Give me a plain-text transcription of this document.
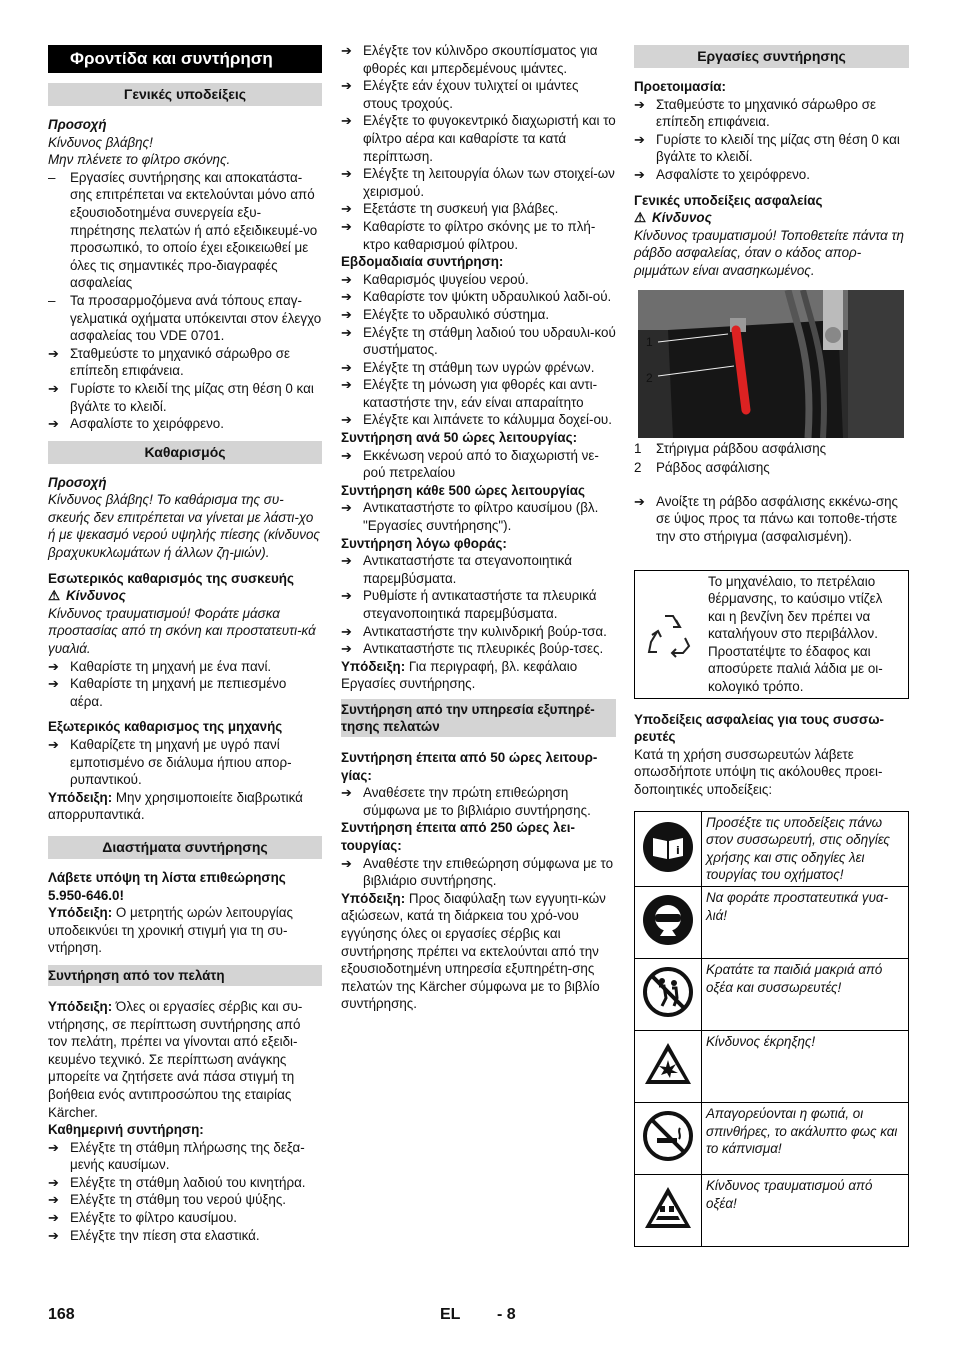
Φροντίδα και συντήρηση
Γενικές υποδείξεις

Προσοχή

Κίνδυνος βλάβης!

Μην πλένετε το φίλτρο σκόνης.

– Εργασίες συντήρησης και αποκατάστα-σης επιτρέπεται να εκτελούνται μόνο από εξουσιοδοτημένα συνεργεία εξυ-πηρέτησης πελατών ή από εξειδικευμέ-νο προσωπικό, το οποίο έχει εξοικειωθεί με όλες τις σημαντικές προ-διαγραφές ασφαλείας

– Τα προσαρμοζόμενα ανά τόπους επαγ-γελματικά οχήματα υπόκεινται στον έλεγχο ασφαλείας του VDE 0701.

➔ Σταθμεύστε το μηχανικό σάρωθρο σε επίπεδη επιφάνεια.

➔ Γυρίστε το κλειδί της μίζας στη θέση 0 και βγάλτε το κλειδί.

➔ Ασφαλίστε το χειρόφρενο.

Καθαρισμός

Προσοχή

Κίνδυνος βλάβης! Το καθάρισμα της συ-σκευής δεν επιτρέπεται να γίνεται με λάστι-χο ή με ψεκασμό νερού υψηλής πίεσης (κίνδυνος βραχυκυκλωμάτων ή άλλων ζη-μιών).

Εσωτερικός καθαρισμός της συσκευής

⚠ Κίνδυνος

Κίνδυνος τραυματισμού! Φοράτε μάσκα προστασίας από τη σκόνη και προστατευτι-κά γυαλιά.

➔ Καθαρίστε τη μηχανή με ένα πανί.

➔ Καθαρίστε τη μηχανή με πεπιεσμένο αέρα.

Εξωτερικός καθαρισμος της μηχανής

➔ Καθαρίζετε τη μηχανή με υγρό πανί εμποτισμένο σε διάλυμα ήπιου απορ-ρυπαντικού.

Υπόδειξη: Μην χρησιμοποιείτε διαβρωτικά απορρυπαντικά.

Διαστήματα συντήρησης

Λάβετε υπόψη τη λίστα επιθεώρησης 5.950-646.0!

Υπόδειξη: Ο μετρητής ωρών λειτουργίας υποδεικνύει τη χρονική στιγμή για τη συ-ντήρηση.

Συντήρηση από τον πελάτη

Υπόδειξη: Όλες οι εργασίες σέρβις και συ-ντήρησης, σε περίπτωση συντήρησης από τον πελάτη, πρέπει να γίνονται από εξειδι-κευμένο τεχνικό. Σε περίπτωση ανάγκης μπορείτε να ζητήσετε ανά πάσα στιγμή τη βοήθεια ενός αντιπροσώπου της εταιρίας Kärcher.

Καθημερινή συντήρηση:

➔ Ελέγξτε τη στάθμη πλήρωσης της δεξα-μενής καυσίμων.

➔ Ελέγξτε τη στάθμη λαδιού του κινητήρα.

➔ Ελέγξτε τη στάθμη του νερού ψύξης.

➔ Ελέγξτε το φίλτρο καυσίμου.

➔ Ελέγξτε την πίεση στα ελαστικά.

➔ Ελέγξτε τον κύλινδρο σκουπίσματος για φθορές και μπερδεμένους ιμάντες.

➔ Ελέγξτε εάν έχουν τυλιχτεί οι ιμάντες στους τροχούς.

➔ Ελέγξτε το φυγοκεντρικό διαχωριστή και το φίλτρο αέρα και καθαρίστε τα κατά περίπτωση.

➔ Ελέγξτε τη λειτουργία όλων των στοιχεί-ων χειρισμού.

➔ Εξετάστε τη συσκευή για βλάβες.

➔ Καθαρίστε το φίλτρο σκόνης με το πλή-κτρο καθαρισμού φίλτρου.

Εβδομαδιαία συντήρηση:

➔ Καθαρισμός ψυγείου νερού.

➔ Καθαρίστε τον ψύκτη υδραυλικού λαδι-ού.

➔ Ελέγξτε το υδραυλικό σύστημα.

➔ Ελέγξτε τη στάθμη λαδιού του υδραυλι-κού συστήματος.

➔ Ελέγξτε τη στάθμη των υγρών φρένων.

➔ Ελέγξτε τη μόνωση για φθορές και αντι-καταστήστε την, εάν είναι απαραίτητο

➔ Ελέγξτε και λιπάνετε το κάλυμμα δοχεί-ου.

Συντήρηση ανά 50 ώρες λειτουργίας:

➔ Εκκένωση νερού από το διαχωριστή νε-ρού πετρελαίου

Συντήρηση κάθε 500 ώρες λειτουργίας

➔ Αντικαταστήστε το φίλτρο καυσίμου (βλ. "Εργασίες συντήρησης").

Συντήρηση λόγω φθοράς:

➔ Αντικαταστήστε τα στεγανοποιητικά παρεμβύσματα.

➔ Ρυθμίστε ή αντικαταστήστε τα πλευρικά στεγανοποιητικά παρεμβύσματα.

➔ Αντικαταστήστε την κυλινδρική βούρ-τσα.

➔ Αντικαταστήστε τις πλευρικές βούρ-τσες.

Υπόδειξη: Για περιγραφή, βλ. κεφάλαιο Εργασίες συντήρησης.

Συντήρηση από την υπηρεσία εξυπηρέ-τησης πελατών

Συντήρηση έπειτα από 50 ώρες λειτουρ-γίας:

➔ Αναθέσετε την πρώτη επιθεώρηση σύμφωνα με το βιβλιάριο συντήρησης.

Συντήρηση έπειτα από 250 ώρες λει-τουργίας:

➔ Αναθέστε την επιθεώρηση σύμφωνα με το βιβλιάριο συντήρησης.

Υπόδειξη: Προς διαφύλαξη των εγγυητι-κών αξιώσεων, κατά τη διάρκεια του χρό-νου εγγύησης όλες οι εργασίες σέρβις και συντήρησης πρέπει να εκτελούνται από την εξουσιοδοτημένη υπηρεσία εξυπηρέτη-σης πελατών της Kärcher σύμφωνα με το βιβλίο συντήρησης.

Εργασίες συντήρησης

Προετοιμασία:

➔ Σταθμεύστε το μηχανικό σάρωθρο σε επίπεδη επιφάνεια.

➔ Γυρίστε το κλειδί της μίζας στη θέση 0 και βγάλτε το κλειδί.

➔ Ασφαλίστε το χειρόφρενο.

Γενικές υποδείξεις ασφαλείας

⚠ Κίνδυνος

Κίνδυνος τραυματισμού! Τοποθετείτε πάντα τη ράβδο ασφαλείας, όταν ο κάδος απορ-ριμμάτων είναι ανασηκωμένος.

1
2
1	Στήριγμα ράβδου ασφάλισης
2	Ράβδος ασφάλισης

➔ Ανοίξτε τη ράβδο ασφάλισης εκκένω-σης σε ύψος προς τα πάνω και τοποθε-τήστε την στο στήριγμα (ασφαλισμένη).

Το μηχανέλαιο, το πετρέλαιο θέρμανσης, το καύσιμο ντίζελ και η βενζίνη δεν πρέπει να καταλήγουν στο περιβάλλον. Προστατέψτε το έδαφος και αποσύρετε παλιά λάδια με οι-κολογικό τρόπο.

Υποδείξεις ασφαλείας για τους συσσω-ρευτές

Κατά τη χρήση συσσωρευτών λάβετε οπωσδήποτε υπόψη τις ακόλουθες προει-δοποιητικές υποδείξεις:

i	Προσέξτε τις υποδείξεις πάνω στον συσσωρευτή, στις οδηγίες χρήσης και στις οδηγίες λει τουργίας του οχήματος!
	Να φοράτε προστατευτικά γυα-λιά!
	Κρατάτε τα παιδιά μακριά από οξέα και συσσωρευτές!
	Κίνδυνος έκρηξης!
	Απαγορεύονται η φωτιά, οι σπινθήρες, το ακάλυπτο φως και το κάπνισμα!
	Κίνδυνος τραυματισμού από οξέα!
168	EL - 8
